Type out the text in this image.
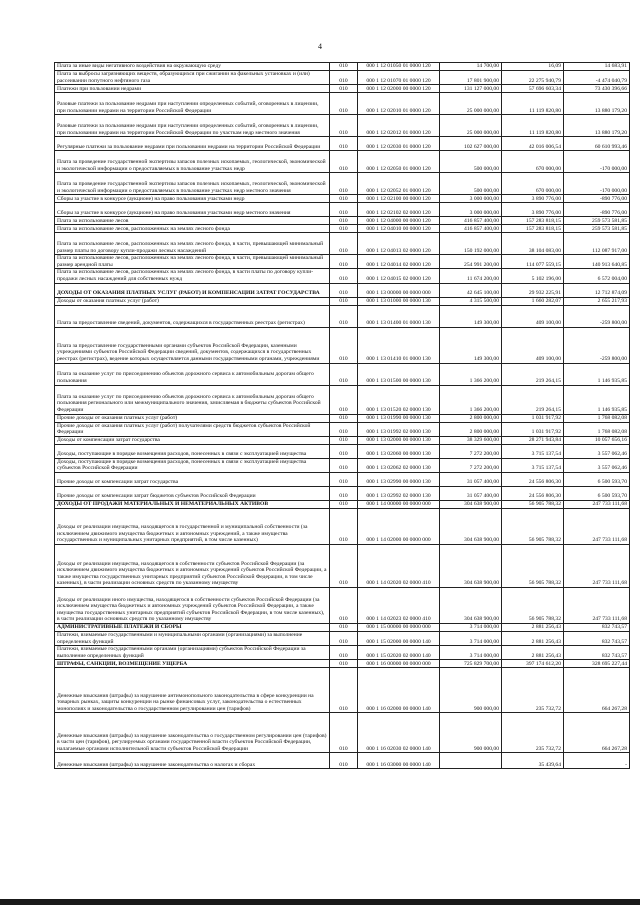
4
Плата за иные виды негативного воздействия на окружающую среду	010	000 1 12 01050 01 0000 120	14 700,00	16,09	14 683,91
Плата за выбросы загрязняющих веществ, образующихся при сжигании на факельных установках и (или) рассеивании попутного нефтяного газа	010	000 1 12 01070 01 0000 120	17 801 900,00	22 275 940,79	-4 474 040,79
Платежи при пользовании недрами	010	000 1 12 02000 00 0000 120	131 127 000,00	57 696 603,34	73 430 396,66
Разовые платежи за пользование недрами при наступлении определенных событий, оговоренных в лицензии, при пользовании недрами на территории Российской Федерации	010	000 1 12 02010 01 0000 120	25 000 000,00	11 119 820,80	13 880 179,20
Разовые платежи за пользование недрами при наступлении определенных событий, оговоренных в лицензии, при пользовании недрами на территории Российской Федерации по участкам недр местного значения	010	000 1 12 02012 01 0000 120	25 000 000,00	11 119 820,80	13 880 179,20
Регулярные платежи за пользование недрами при пользовании недрами на территории Российской Федерации	010	000 1 12 02030 01 0000 120	102 627 000,00	42 016 006,54	60 610 993,46
Плата за проведение государственной экспертизы запасов полезных ископаемых, геологической, экономической и экологической информации о предоставляемых в пользование участках недр	010	000 1 12 02050 01 0000 120	500 000,00	670 000,00	-170 000,00
Плата за проведение государственной экспертизы запасов полезных ископаемых, геологической, экономической и экологической информации о предоставляемых в пользование участках недр местного значения	010	000 1 12 02052 01 0000 120	500 000,00	670 000,00	-170 000,00
Сборы за участие в конкурсе (аукционе) на право пользования участками недр	010	000 1 12 02100 00 0000 120	3 000 000,00	3 890 776,00	-890 776,00
Сборы за участие в конкурсе (аукционе) на право пользования участками недр местного значения	010	000 1 12 02102 02 0000 120	3 000 000,00	3 890 776,00	-890 776,00
Плата за использование лесов	010	000 1 12 04000 00 0000 120	416 857 400,00	157 283 818,15	259 573 581,85
Плата за использование лесов, расположенных на землях лесного фонда	010	000 1 12 04010 00 0000 120	416 857 400,00	157 283 818,15	259 573 581,85
Плата за использование лесов, расположенных на землях лесного фонда, в части, превышающей минимальный размер платы по договору купли-продажи лесных насаждений	010	000 1 12 04013 02 0000 120	150 192 000,00	38 104 083,00	112 087 917,00
Плата за использование лесов, расположенных на землях лесного фонда, в части, превышающей минимальный размер арендной платы	010	000 1 12 04014 02 0000 120	254 991 200,00	114 077 559,15	140 913 640,85
Плата за использование лесов, расположенных на землях лесного фонда, в части платы по договору купли-продажи лесных насаждений для собственных нужд	010	000 1 12 04015 02 0000 120	11 674 200,00	5 102 196,00	6 572 004,00
ДОХОДЫ ОТ ОКАЗАНИЯ ПЛАТНЫХ УСЛУГ (РАБОТ) И КОМПЕНСАЦИИ ЗАТРАТ ГОСУДАРСТВА	010	000 1 13 00000 00 0000 000	42 645 100,00	29 932 225,91	12 712 874,09
Доходы от оказания платных услуг (работ)	010	000 1 13 01000 00 0000 130	4 315 500,00	1 660 282,07	2 655 217,93
Плата за предоставление сведений, документов, содержащихся в государственных реестрах (регистрах)	010	000 1 13 01400 01 0000 130	149 300,00	409 100,00	-259 800,00
Плата за предоставление государственными органами субъектов Российской Федерации, казенными учреждениями субъектов Российской Федерации сведений, документов, содержащихся в государственных реестрах (регистрах), ведение которых осуществляется данными государственными органами, учреждениями	010	000 1 13 01410 01 0000 130	149 300,00	409 100,00	-259 800,00
Плата за оказание услуг по присоединению объектов дорожного сервиса к автомобильным дорогам общего пользования	010	000 1 13 01500 00 0000 130	1 366 200,00	219 264,15	1 146 935,85
Плата за оказание услуг по присоединению объектов дорожного сервиса к автомобильным дорогам общего пользования регионального или межмуниципального значения, зачисляемая в бюджеты субъектов Российской Федерации	010	000 1 13 01520 02 0000 130	1 366 200,00	219 264,15	1 146 935,85
Прочие доходы от оказания платных услуг (работ)	010	000 1 13 01990 00 0000 130	2 800 000,00	1 031 917,92	1 768 082,08
Прочие доходы от оказания платных услуг (работ) получателями средств бюджетов субъектов Российской Федерации	010	000 1 13 01992 02 0000 130	2 800 000,00	1 031 917,92	1 768 082,08
Доходы от компенсации затрат государства	010	000 1 13 02000 00 0000 130	38 329 600,00	28 271 943,84	10 057 656,16
Доходы, поступающие в порядке возмещения расходов, понесенных в связи с эксплуатацией имущества	010	000 1 13 02060 00 0000 130	7 272 200,00	3 715 137,54	3 557 062,46
Доходы, поступающие в порядке возмещения расходов, понесенных в связи с эксплуатацией имущества субъектов Российской Федерации	010	000 1 13 02062 02 0000 130	7 272 200,00	3 715 137,54	3 557 062,46
Прочие доходы от компенсации затрат государства	010	000 1 13 02990 00 0000 130	31 057 400,00	24 556 806,30	6 500 593,70
Прочие доходы от компенсации затрат бюджетов субъектов Российской Федерации	010	000 1 13 02992 02 0000 130	31 057 400,00	24 556 806,30	6 500 593,70
ДОХОДЫ ОТ ПРОДАЖИ МАТЕРИАЛЬНЫХ И НЕМАТЕРИАЛЬНЫХ АКТИВОВ	010	000 1 14 00000 00 0000 000	304 638 900,00	56 905 788,32	247 733 111,68
Доходы от реализации имущества, находящегося в государственной и муниципальной собственности (за исключением движимого имущества бюджетных и автономных учреждений, а также имущества государственных и муниципальных унитарных предприятий, в том числе казенных)	010	000 1 14 02000 00 0000 000	304 638 900,00	56 905 788,32	247 733 111,68
Доходы от реализации имущества, находящегося в собственности субъектов Российской Федерации (за исключением движимого имущества бюджетных и автономных учреждений субъектов Российской Федерации, а также имущества государственных унитарных предприятий субъектов Российской Федерации, в том числе казенных), в части реализации основных средств по указанному имуществу	010	000 1 14 02020 02 0000 410	304 638 900,00	56 905 788,32	247 733 111,68
Доходы от реализации иного имущества, находящегося в собственности субъектов Российской Федерации (за исключением имущества бюджетных и автономных учреждений субъектов Российской Федерации, а также имущества государственных унитарных предприятий субъектов Российской Федерации, в том числе казенных), в части реализации основных средств по указанному имуществу	010	000 1 14 02023 02 0000 410	304 638 900,00	56 905 788,32	247 733 111,68
АДМИНИСТРАТИВНЫЕ ПЛАТЕЖИ И СБОРЫ	010	000 1 15 00000 00 0000 000	3 714 000,00	2 881 256,43	832 743,57
Платежи, взимаемые государственными и муниципальными органами (организациями) за выполнение определенных функций	010	000 1 15 02000 00 0000 140	3 714 000,00	2 881 256,43	832 743,57
Платежи, взимаемые государственными органами (организациями) субъектов Российской Федерации за выполнение определенных функций	010	000 1 15 02020 02 0000 140	3 714 000,00	2 881 256,43	832 743,57
ШТРАФЫ, САНКЦИИ, ВОЗМЕЩЕНИЕ УЩЕРБА	010	000 1 16 00000 00 0000 000	725 829 700,00	397 174 612,20	328 695 227,44
Денежные взыскания (штрафы) за нарушение антимонопольного законодательства в сфере конкуренции на товарных рынках, защиты конкуренции на рынке финансовых услуг, законодательства о естественных монополиях и законодательства о государственном регулировании цен (тарифов)	010	000 1 16 02000 00 0000 140	900 000,00	235 732,72	664 267,28
Денежные взыскания (штрафы) за нарушение законодательства о государственном регулировании цен (тарифов) в части цен (тарифов), регулируемых органами государственной власти субъектов Российской Федерации, налагаемые органами исполнительной власти субъектов Российской Федерации	010	000 1 16 02030 02 0000 140	900 000,00	235 732,72	664 267,28
Денежные взыскания (штрафы) за нарушение законодательства о налогах и сборах	010	000 1 16 03000 00 0000 140		35 439,64	-
